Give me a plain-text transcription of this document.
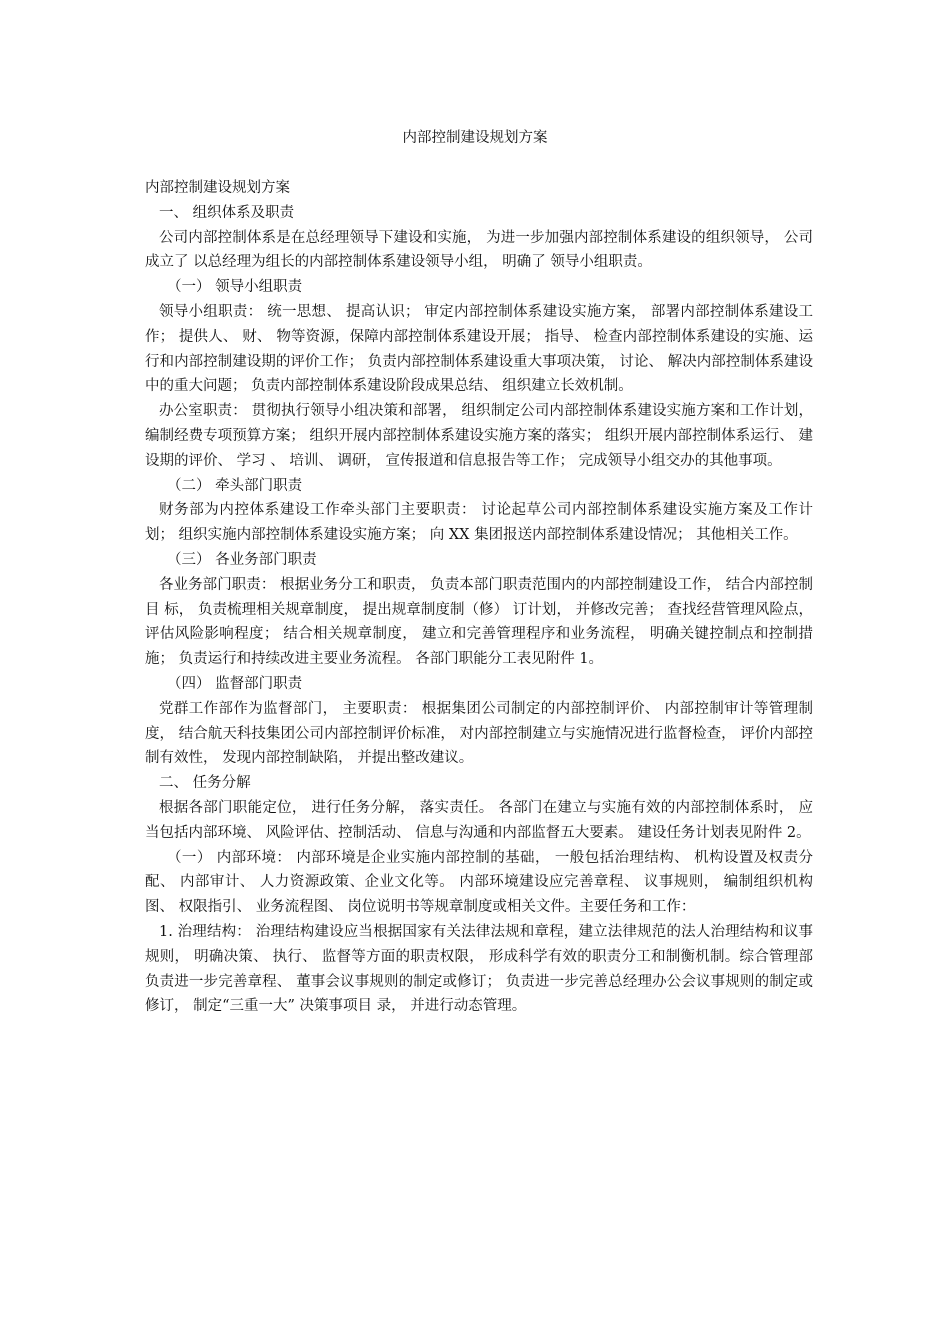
内部控制建设规划方案

内部控制建设规划方案

一、 组织体系及职责

公司内部控制体系是在总经理领导下建设和实施， 为进一步加强内部控制体系建设的组织领导， 公司成立了 以总经理为组长的内部控制体系建设领导小组， 明确了 领导小组职责。

（一） 领导小组职责

领导小组职责： 统一思想、 提高认识； 审定内部控制体系建设实施方案， 部署内部控制体系建设工作； 提供人、 财、 物等资源，保障内部控制体系建设开展； 指导、 检查内部控制体系建设的实施、运行和内部控制建设期的评价工作； 负责内部控制体系建设重大事项决策， 讨论、 解决内部控制体系建设中的重大问题； 负责内部控制体系建设阶段成果总结、 组织建立长效机制。

办公室职责： 贯彻执行领导小组决策和部署， 组织制定公司内部控制体系建设实施方案和工作计划， 编制经费专项预算方案； 组织开展内部控制体系建设实施方案的落实； 组织开展内部控制体系运行、 建设期的评价、 学习 、 培训、 调研， 宣传报道和信息报告等工作； 完成领导小组交办的其他事项。

（二） 牵头部门职责

财务部为内控体系建设工作牵头部门主要职责： 讨论起草公司内部控制体系建设实施方案及工作计划； 组织实施内部控制体系建设实施方案； 向 XX 集团报送内部控制体系建设情况； 其他相关工作。

（三） 各业务部门职责

各业务部门职责： 根据业务分工和职责， 负责本部门职责范围内的内部控制建设工作， 结合内部控制目 标， 负责梳理相关规章制度， 提出规章制度制（修） 订计划， 并修改完善； 查找经营管理风险点， 评估风险影响程度； 结合相关规章制度， 建立和完善管理程序和业务流程， 明确关键控制点和控制措施； 负责运行和持续改进主要业务流程。 各部门职能分工表见附件 1。

（四） 监督部门职责

党群工作部作为监督部门， 主要职责： 根据集团公司制定的内部控制评价、 内部控制审计等管理制度， 结合航天科技集团公司内部控制评价标准， 对内部控制建立与实施情况进行监督检查， 评价内部控制有效性， 发现内部控制缺陷， 并提出整改建议。

二、 任务分解

根据各部门职能定位， 进行任务分解， 落实责任。 各部门在建立与实施有效的内部控制体系时， 应当包括内部环境、 风险评估、控制活动、 信息与沟通和内部监督五大要素。 建设任务计划表见附件 2。

（一） 内部环境： 内部环境是企业实施内部控制的基础， 一般包括治理结构、 机构设置及权责分配、 内部审计、 人力资源政策、企业文化等。 内部环境建设应完善章程、 议事规则， 编制组织机构图、 权限指引、 业务流程图、 岗位说明书等规章制度或相关文件。主要任务和工作：

1. 治理结构： 治理结构建设应当根据国家有关法律法规和章程，建立法律规范的法人治理结构和议事规则， 明确决策、 执行、 监督等方面的职责权限， 形成科学有效的职责分工和制衡机制。综合管理部负责进一步完善章程、 董事会议事规则的制定或修订； 负责进一步完善总经理办公会议事规则的制定或修订， 制定“三重一大” 决策事项目 录， 并进行动态管理。
